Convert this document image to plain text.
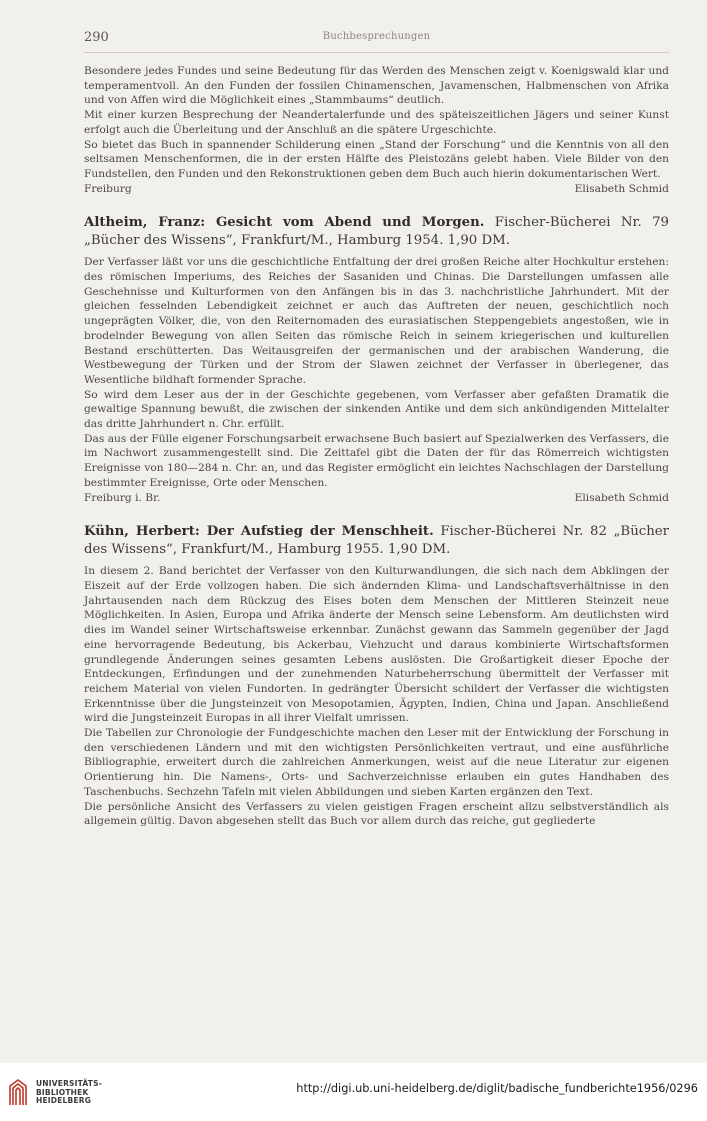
290	Buchbesprechungen

Besondere jedes Fundes und seine Bedeutung für das Werden des Menschen zeigt v. Koenigswald klar und temperamentvoll. An den Funden der fossilen Chinamenschen, Javamenschen, Halbmenschen von Afrika und von Affen wird die Möglichkeit eines „Stammbaums“ deutlich.

Mit einer kurzen Besprechung der Neandertalerfunde und des späteiszeitlichen Jägers und seiner Kunst erfolgt auch die Überleitung und der Anschluß an die spätere Urgeschichte.

So bietet das Buch in spannender Schilderung einen „Stand der Forschung“ und die Kenntnis von all den seltsamen Menschenformen, die in der ersten Hälfte des Pleistozäns gelebt haben. Viele Bilder von den Fundstellen, den Funden und den Rekonstruktionen geben dem Buch auch hierin dokumentarischen Wert.

Freiburg	Elisabeth Schmid
Altheim, Franz: Gesicht vom Abend und Morgen. Fischer-Bücherei Nr. 79 „Bücher des Wissens“, Frankfurt/M., Hamburg 1954. 1,90 DM.

Der Verfasser läßt vor uns die geschichtliche Entfaltung der drei großen Reiche alter Hochkultur erstehen: des römischen Imperiums, des Reiches der Sasaniden und Chinas. Die Darstellungen umfassen alle Geschehnisse und Kulturformen von den Anfängen bis in das 3. nachchristliche Jahrhundert. Mit der gleichen fesselnden Lebendigkeit zeichnet er auch das Auftreten der neuen, geschichtlich noch ungeprägten Völker, die, von den Reiternomaden des eurasiatischen Steppengebiets angestoßen, wie in brodelnder Bewegung von allen Seiten das römische Reich in seinem kriegerischen und kulturellen Bestand erschütterten. Das Weitausgreifen der germanischen und der arabischen Wanderung, die Westbewegung der Türken und der Strom der Slawen zeichnet der Verfasser in überlegener, das Wesentliche bildhaft formender Sprache.

So wird dem Leser aus der in der Geschichte gegebenen, vom Verfasser aber gefaßten Dramatik die gewaltige Spannung bewußt, die zwischen der sinkenden Antike und dem sich ankündigenden Mittelalter das dritte Jahrhundert n. Chr. erfüllt.

Das aus der Fülle eigener Forschungsarbeit erwachsene Buch basiert auf Spezialwerken des Verfassers, die im Nachwort zusammengestellt sind. Die Zeittafel gibt die Daten der für das Römerreich wichtigsten Ereignisse von 180—284 n. Chr. an, und das Register ermöglicht ein leichtes Nachschlagen der Darstellung bestimmter Ereignisse, Orte oder Menschen.

Freiburg i. Br.	Elisabeth Schmid
Kühn, Herbert: Der Aufstieg der Menschheit. Fischer-Bücherei Nr. 82 „Bücher des Wissens“, Frankfurt/M., Hamburg 1955. 1,90 DM.

In diesem 2. Band berichtet der Verfasser von den Kulturwandlungen, die sich nach dem Abklingen der Eiszeit auf der Erde vollzogen haben. Die sich ändernden Klima- und Landschaftsverhältnisse in den Jahrtausenden nach dem Rückzug des Eises boten dem Menschen der Mittleren Steinzeit neue Möglichkeiten. In Asien, Europa und Afrika änderte der Mensch seine Lebensform. Am deutlichsten wird dies im Wandel seiner Wirtschaftsweise erkennbar. Zunächst gewann das Sammeln gegenüber der Jagd eine hervorragende Bedeutung, bis Ackerbau, Viehzucht und daraus kombinierte Wirtschaftsformen grundlegende Änderungen seines gesamten Lebens auslösten. Die Großartigkeit dieser Epoche der Entdeckungen, Erfindungen und der zunehmenden Naturbeherrschung übermittelt der Verfasser mit reichem Material von vielen Fundorten. In gedrängter Übersicht schildert der Verfasser die wichtigsten Erkenntnisse über die Jungsteinzeit von Mesopotamien, Ägypten, Indien, China und Japan. Anschließend wird die Jungsteinzeit Europas in all ihrer Vielfalt umrissen.

Die Tabellen zur Chronologie der Fundgeschichte machen den Leser mit der Entwicklung der Forschung in den verschiedenen Ländern und mit den wichtigsten Persönlichkeiten vertraut, und eine ausführliche Bibliographie, erweitert durch die zahlreichen Anmerkungen, weist auf die neue Literatur zur eigenen Orientierung hin. Die Namens-, Orts- und Sachverzeichnisse erlauben ein gutes Handhaben des Taschenbuchs. Sechzehn Tafeln mit vielen Abbildungen und sieben Karten ergänzen den Text.

Die persönliche Ansicht des Verfassers zu vielen geistigen Fragen erscheint allzu selbstverständlich als allgemein gültig. Davon abgesehen stellt das Buch vor allem durch das reiche, gut gegliederte

UNIVERSITÄTS-
BIBLIOTHEK
HEIDELBERG
http://digi.ub.uni-heidelberg.de/diglit/badische_fundberichte1956/0296
